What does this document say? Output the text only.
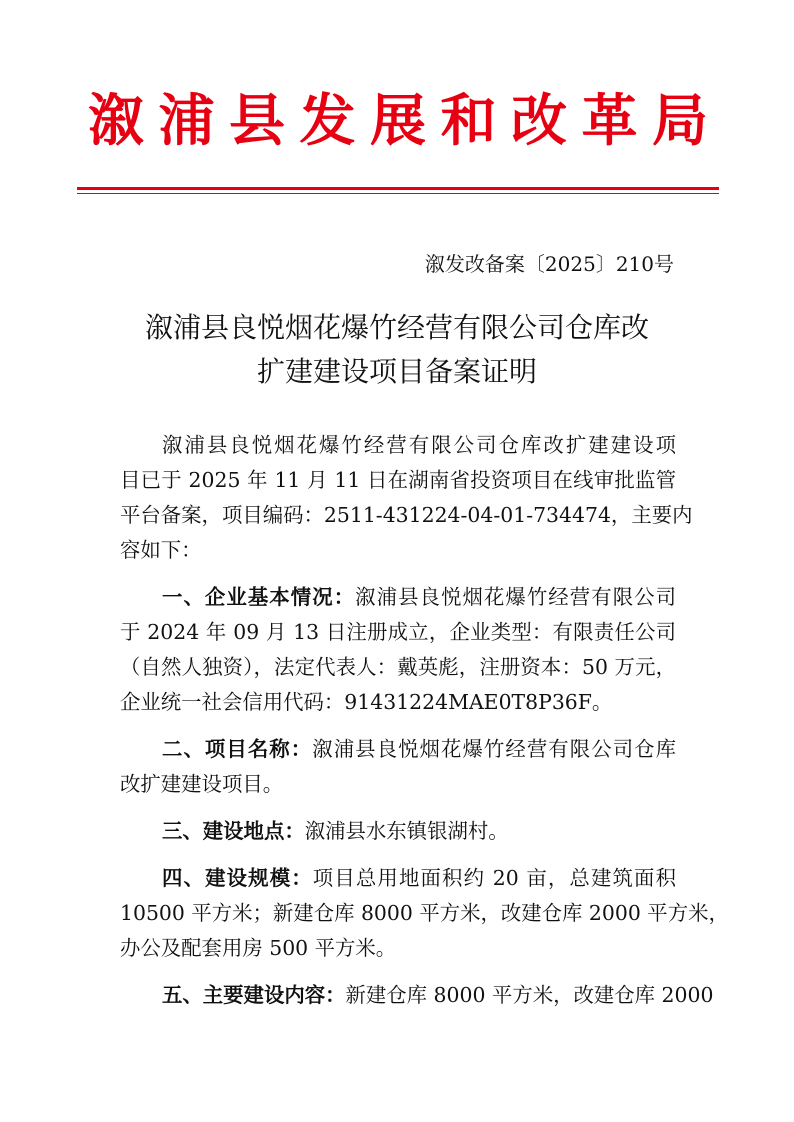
溆 浦 县 发 展 和 改 革 局
溆发改备案〔2025〕210号
溆浦县良悦烟花爆竹经营有限公司仓库改
扩建建设项目备案证明
溆浦县良悦烟花爆竹经营有限公司仓库改扩建建设项
目已于 2025 年 11 月 11 日在湖南省投资项目在线审批监管
平台备案，项目编码：2511-431224-04-01-734474，主要内
容如下：
一、企业基本情况：溆浦县良悦烟花爆竹经营有限公司
于 2024 年 09 月 13 日注册成立，企业类型：有限责任公司
（自然人独资），法定代表人：戴英彪，注册资本：50 万元，
企业统一社会信用代码：91431224MAE0T8P36F。
二、项目名称：溆浦县良悦烟花爆竹经营有限公司仓库
改扩建建设项目。
三、建设地点：溆浦县水东镇银湖村。
四、建设规模：项目总用地面积约 20 亩，总建筑面积
10500 平方米；新建仓库 8000 平方米，改建仓库 2000 平方米，
办公及配套用房 500 平方米。
五、主要建设内容：新建仓库 8000 平方米，改建仓库 2000
